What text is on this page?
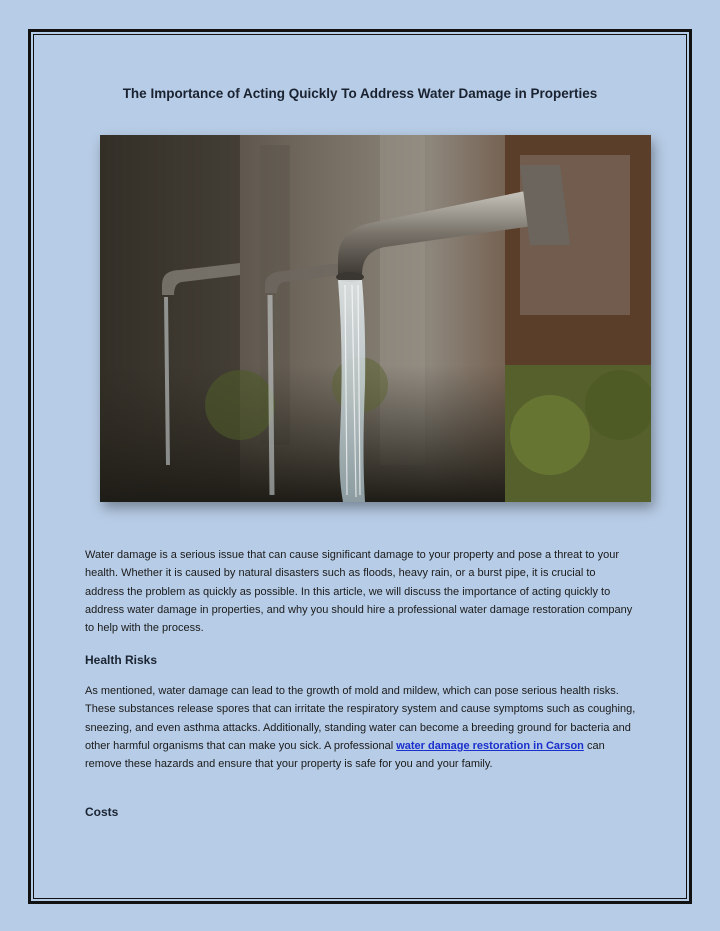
The Importance of Acting Quickly To Address Water Damage in Properties

Water damage is a serious issue that can cause significant damage to your property and pose a threat to your health. Whether it is caused by natural disasters such as floods, heavy rain, or a burst pipe, it is crucial to address the problem as quickly as possible. In this article, we will discuss the importance of acting quickly to address water damage in properties, and why you should hire a professional water damage restoration company to help with the process.

Health Risks

As mentioned, water damage can lead to the growth of mold and mildew, which can pose serious health risks. These substances release spores that can irritate the respiratory system and cause symptoms such as coughing, sneezing, and even asthma attacks. Additionally, standing water can become a breeding ground for bacteria and other harmful organisms that can make you sick. A professional water damage restoration in Carson can remove these hazards and ensure that your property is safe for you and your family.

Costs
